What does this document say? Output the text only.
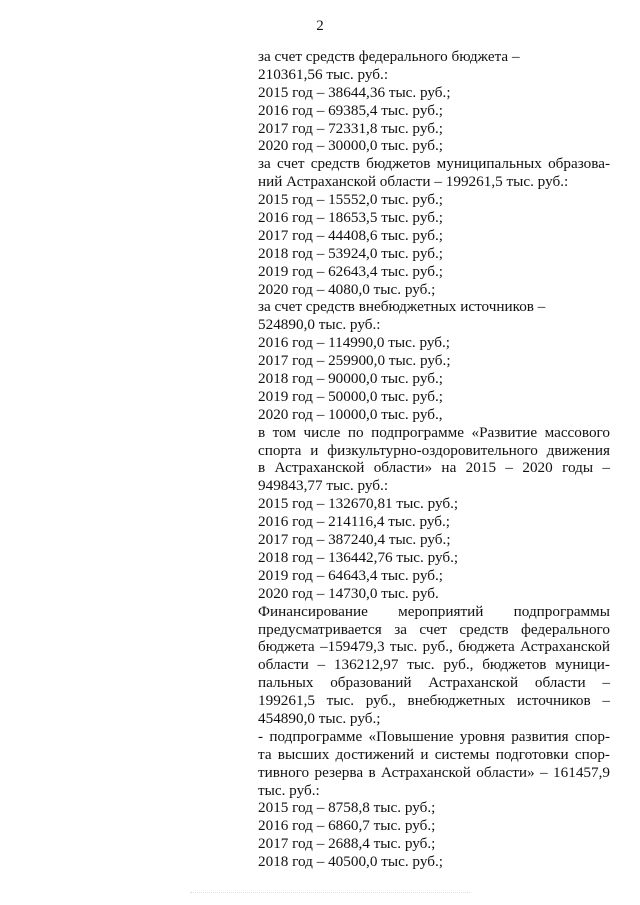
2
за счет средств федерального бюджета –
210361,56 тыс. руб.:
2015 год – 38644,36 тыс. руб.;
2016 год – 69385,4 тыс. руб.;
2017 год – 72331,8 тыс. руб.;
2020 год – 30000,0 тыс. руб.;
за счет средств бюджетов муниципальных образова-
ний Астраханской области – 199261,5 тыс. руб.:
2015 год – 15552,0 тыс. руб.;
2016 год – 18653,5 тыс. руб.;
2017 год – 44408,6 тыс. руб.;
2018 год – 53924,0 тыс. руб.;
2019 год – 62643,4 тыс. руб.;
2020 год – 4080,0 тыс. руб.;
за счет средств внебюджетных источников –
524890,0 тыс. руб.:
2016 год – 114990,0 тыс. руб.;
2017 год – 259900,0 тыс. руб.;
2018 год – 90000,0 тыс. руб.;
2019 год – 50000,0 тыс. руб.;
2020 год – 10000,0 тыс. руб.,
в том числе по подпрограмме «Развитие массового
спорта и физкультурно-оздоровительного движения
в Астраханской области» на 2015 – 2020 годы –
949843,77 тыс. руб.:
2015 год – 132670,81 тыс. руб.;
2016 год – 214116,4 тыс. руб.;
2017 год – 387240,4 тыс. руб.;
2018 год – 136442,76 тыс. руб.;
2019 год – 64643,4 тыс. руб.;
2020 год – 14730,0 тыс. руб.
Финансирование мероприятий подпрограммы
предусматривается за счет средств федерального
бюджета –159479,3 тыс. руб., бюджета Астраханской
области – 136212,97 тыс. руб., бюджетов муници-
пальных образований Астраханской области –
199261,5 тыс. руб., внебюджетных источников –
454890,0 тыс. руб.;
- подпрограмме «Повышение уровня развития спор-
та высших достижений и системы подготовки спор-
тивного резерва в Астраханской области» – 161457,9
тыс. руб.:
2015 год – 8758,8 тыс. руб.;
2016 год – 6860,7 тыс. руб.;
2017 год – 2688,4 тыс. руб.;
2018 год – 40500,0 тыс. руб.;
